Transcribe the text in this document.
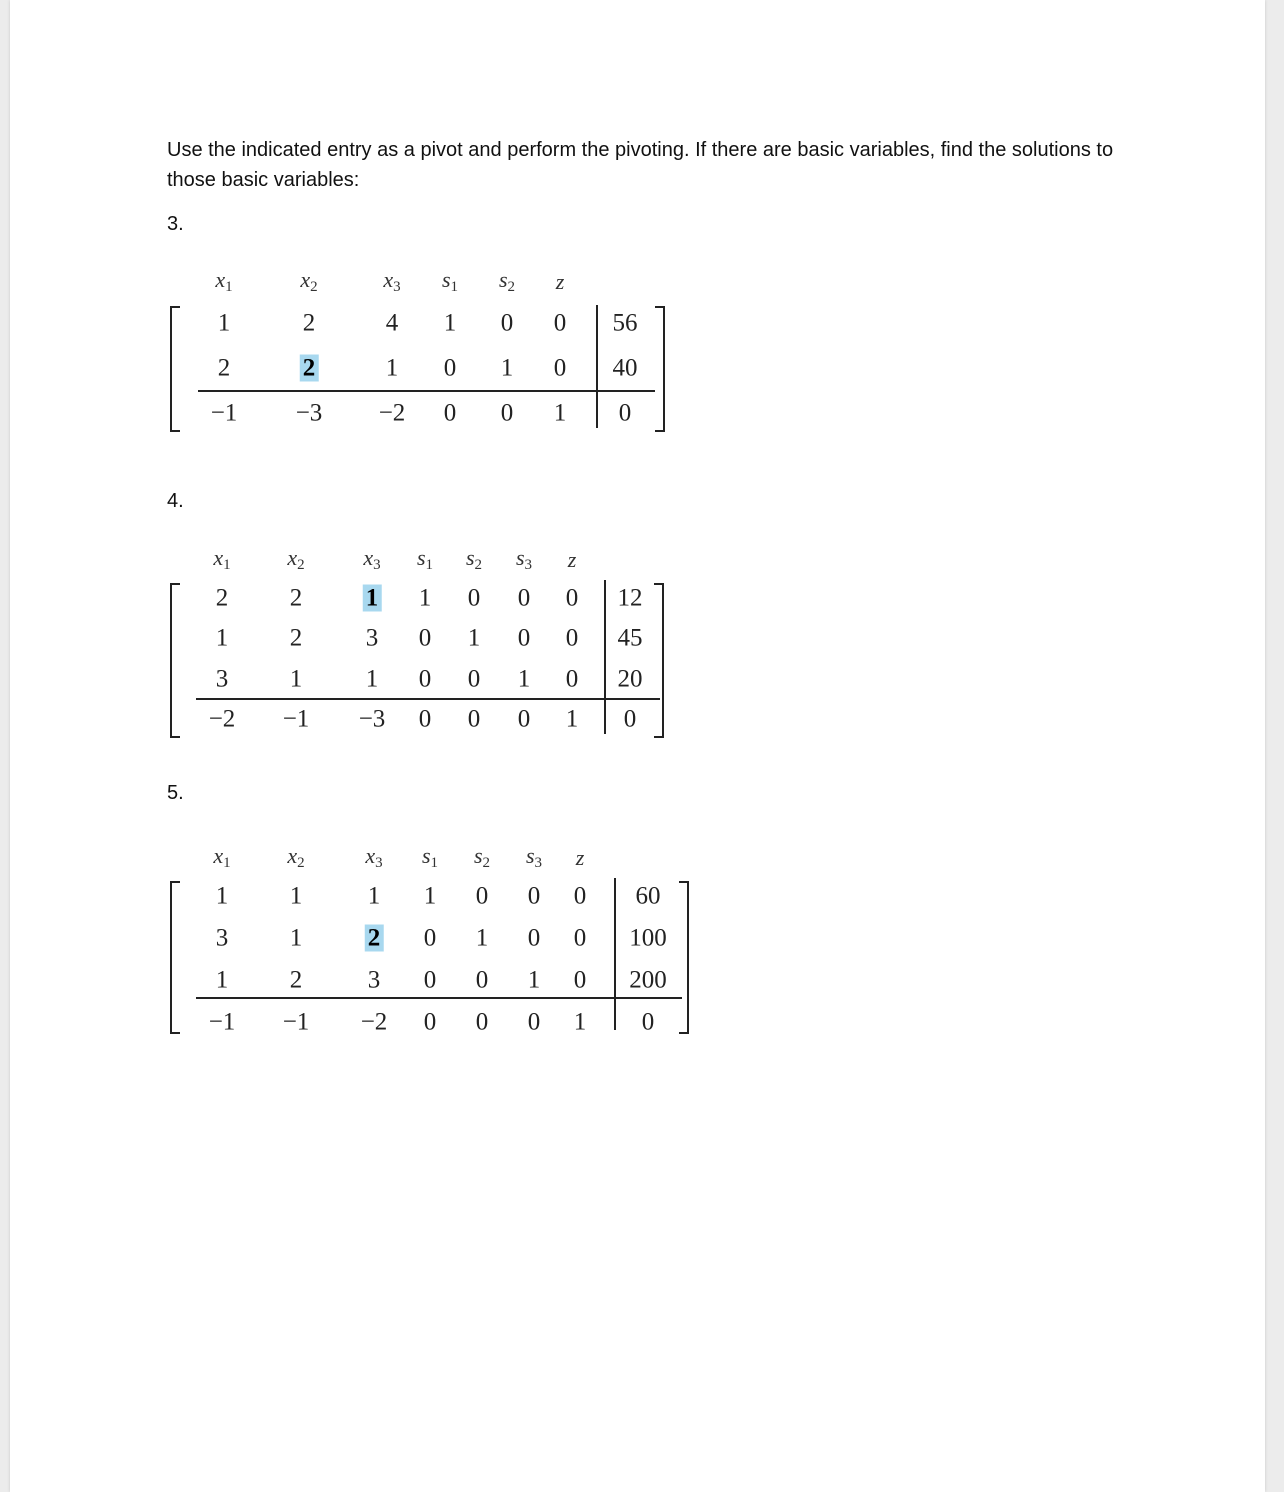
Use the indicated entry as a pivot and perform the pivoting. If there are basic variables, find the solutions to those basic variables:
3.
$x_1$	$x_2$	$x_3$ $s_1$ $s_2$ z
1	2	4 1 0 0 56
2	2	1 0 1 0 40
−1 −3 −2 0 0 1 0
4.
$x_1$	$x_2$	$x_3$ $s_1$ $s_2$ $s_3$ z
2 2	1 1 0 0 0 12
1 2	3 0 1 0 0 45
3 1	1 0 0 1 0 20
−2 −1 −3 0 0 0 1 0
5.
$x_1$	$x_2$	$x_3$ $s_1$ $s_2$ $s_3$ z
1 1	1 1 0 0 0 60
3 1	2 0 1 0 0 100
1 2	3 0 0 1 0 200
−1 −1 −2 0 0 0 1 0
